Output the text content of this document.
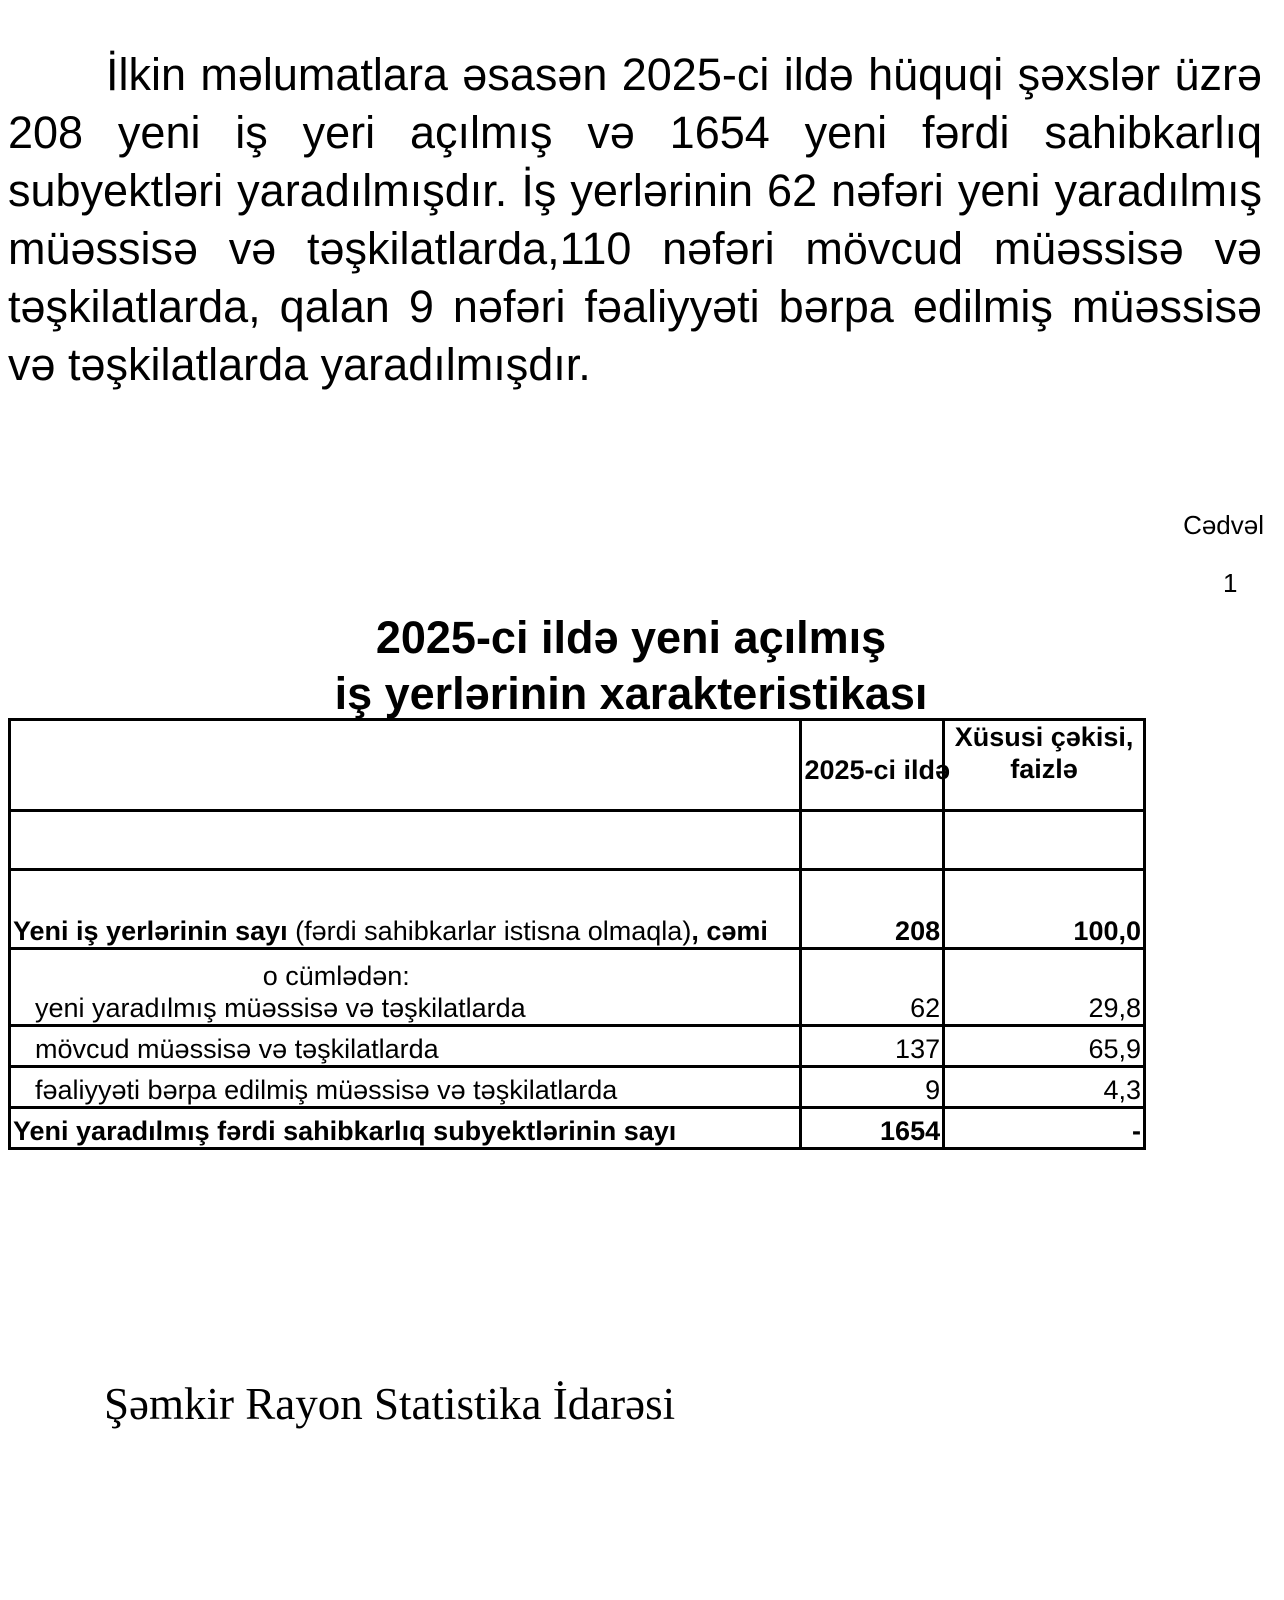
İlkin məlumatlara əsasən 2025-ci ildə hüquqi şəxslər üzrə 208 yeni iş yeri açılmış və 1654 yeni fərdi sahibkarlıq subyektləri yaradılmışdır. İş yerlərinin 62 nəfəri yeni yaradılmış müəssisə və təşkilatlarda,110 nəfəri mövcud müəssisə və təşkilatlarda, qalan 9 nəfəri fəaliyyəti bərpa edilmiş müəssisə və təşkilatlarda yaradılmışdır.

Cədvəl
1
2025-ci ildə yeni açılmış
iş yerlərinin xarakteristikası
	2025-ci ildə	Xüsusi çəkisi, faizlə

Yeni iş yerlərinin sayı (fərdi sahibkarlar istisna olmaqla), cəmi	208	100,0

o cümlədən:
yeni yaradılmış müəssisə və təşkilatlarda	62	29,8
mövcud müəssisə və təşkilatlarda	137	65,9
fəaliyyəti bərpa edilmiş müəssisə və təşkilatlarda	9	4,3
Yeni yaradılmış fərdi sahibkarlıq subyektlərinin sayı	1654	-
Şəmkir Rayon Statistika İdarəsi
